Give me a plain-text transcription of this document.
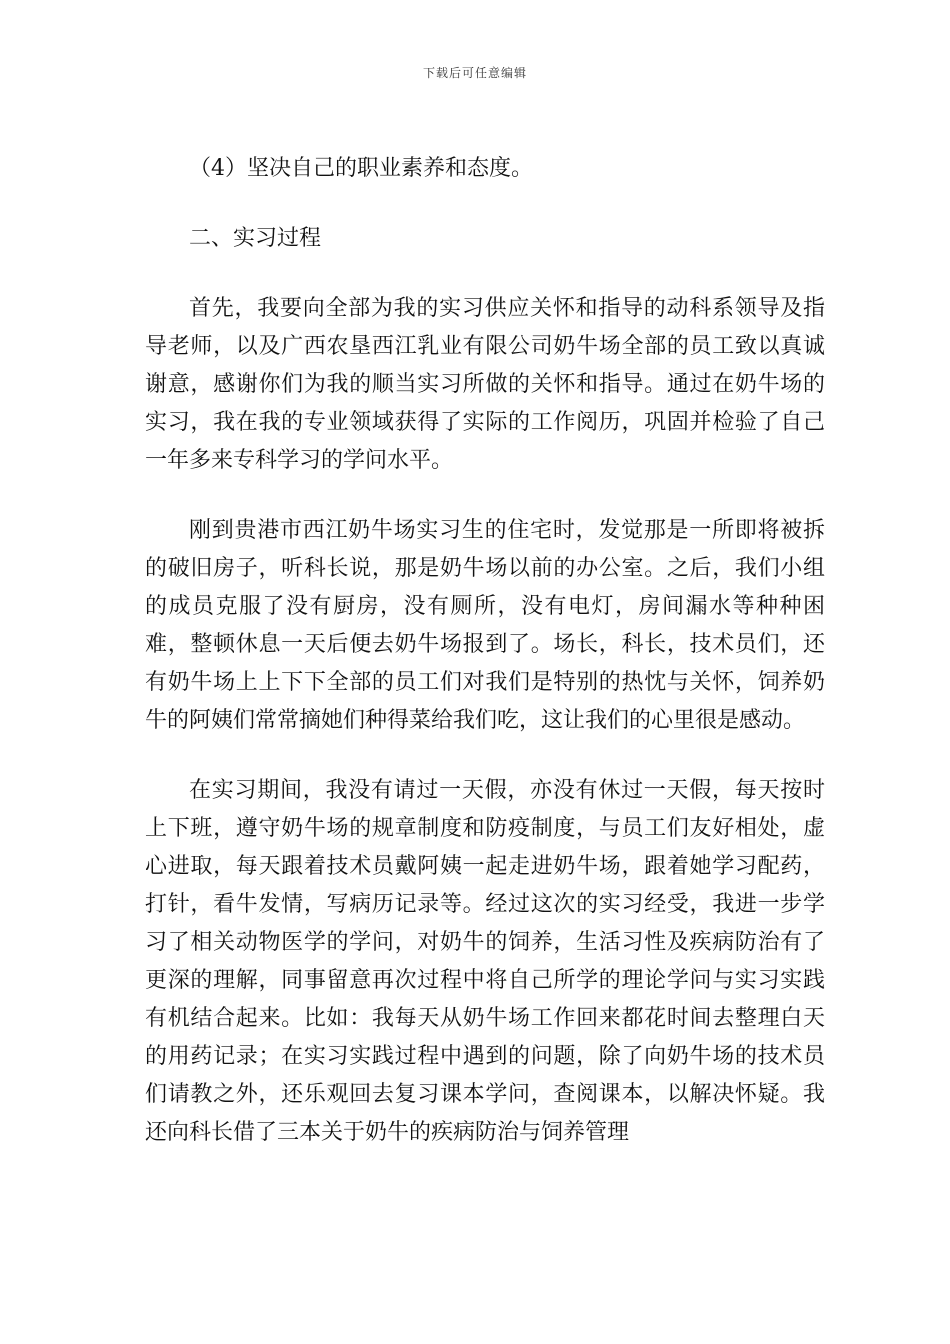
下载后可任意编辑

（4）坚决自己的职业素养和态度。

二、实习过程

首先，我要向全部为我的实习供应关怀和指导的动科系领导及指导老师，以及广西农垦西江乳业有限公司奶牛场全部的员工致以真诚谢意，感谢你们为我的顺当实习所做的关怀和指导。通过在奶牛场的实习，我在我的专业领域获得了实际的工作阅历，巩固并检验了自己一年多来专科学习的学问水平。

刚到贵港市西江奶牛场实习生的住宅时，发觉那是一所即将被拆的破旧房子，听科长说，那是奶牛场以前的办公室。之后，我们小组的成员克服了没有厨房，没有厕所，没有电灯，房间漏水等种种困难，整顿休息一天后便去奶牛场报到了。场长，科长，技术员们，还有奶牛场上上下下全部的员工们对我们是特别的热忱与关怀，饲养奶牛的阿姨们常常摘她们种得菜给我们吃，这让我们的心里很是感动。

在实习期间，我没有请过一天假，亦没有休过一天假，每天按时上下班，遵守奶牛场的规章制度和防疫制度，与员工们友好相处，虚心进取，每天跟着技术员戴阿姨一起走进奶牛场，跟着她学习配药，打针，看牛发情，写病历记录等。经过这次的实习经受，我进一步学习了相关动物医学的学问，对奶牛的饲养，生活习性及疾病防治有了更深的理解，同事留意再次过程中将自己所学的理论学问与实习实践有机结合起来。比如：我每天从奶牛场工作回来都花时间去整理白天的用药记录；在实习实践过程中遇到的问题，除了向奶牛场的技术员们请教之外，还乐观回去复习课本学问，查阅课本，以解决怀疑。我还向科长借了三本关于奶牛的疾病防治与饲养管理
